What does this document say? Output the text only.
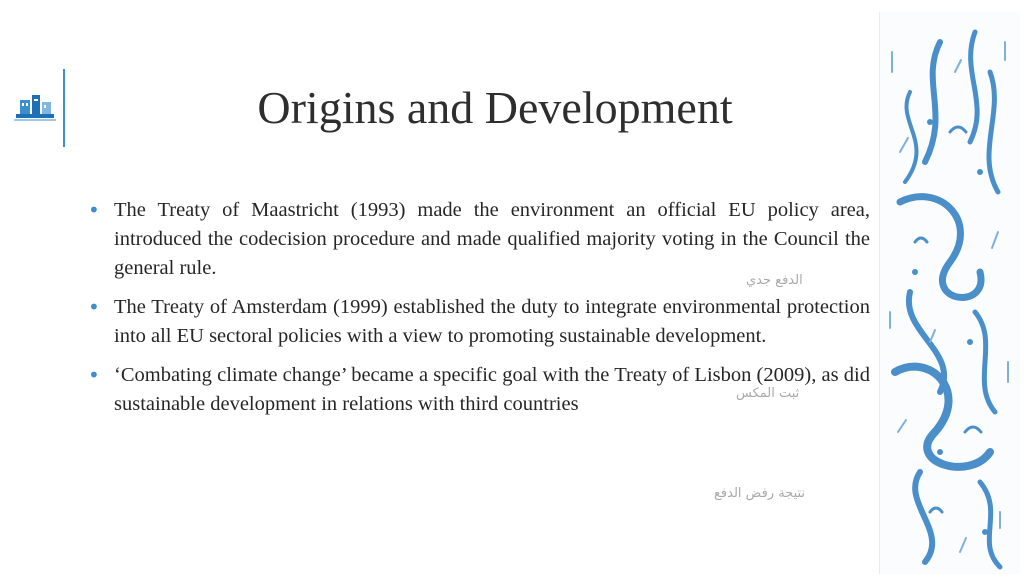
Origins and Development
• The Treaty of Maastricht (1993) made the environment an official EU policy area, introduced the codecision procedure and made qualified majority voting in the Council the general rule.
• The Treaty of Amsterdam (1999) established the duty to integrate environmental protection into all EU sectoral policies with a view to promoting sustainable development.
• ‘Combating climate change’ became a specific goal with the Treaty of Lisbon (2009), as did sustainable development in relations with third countries
الدفع جدي
ثبت المكس
نتيجة رفض الدفع
